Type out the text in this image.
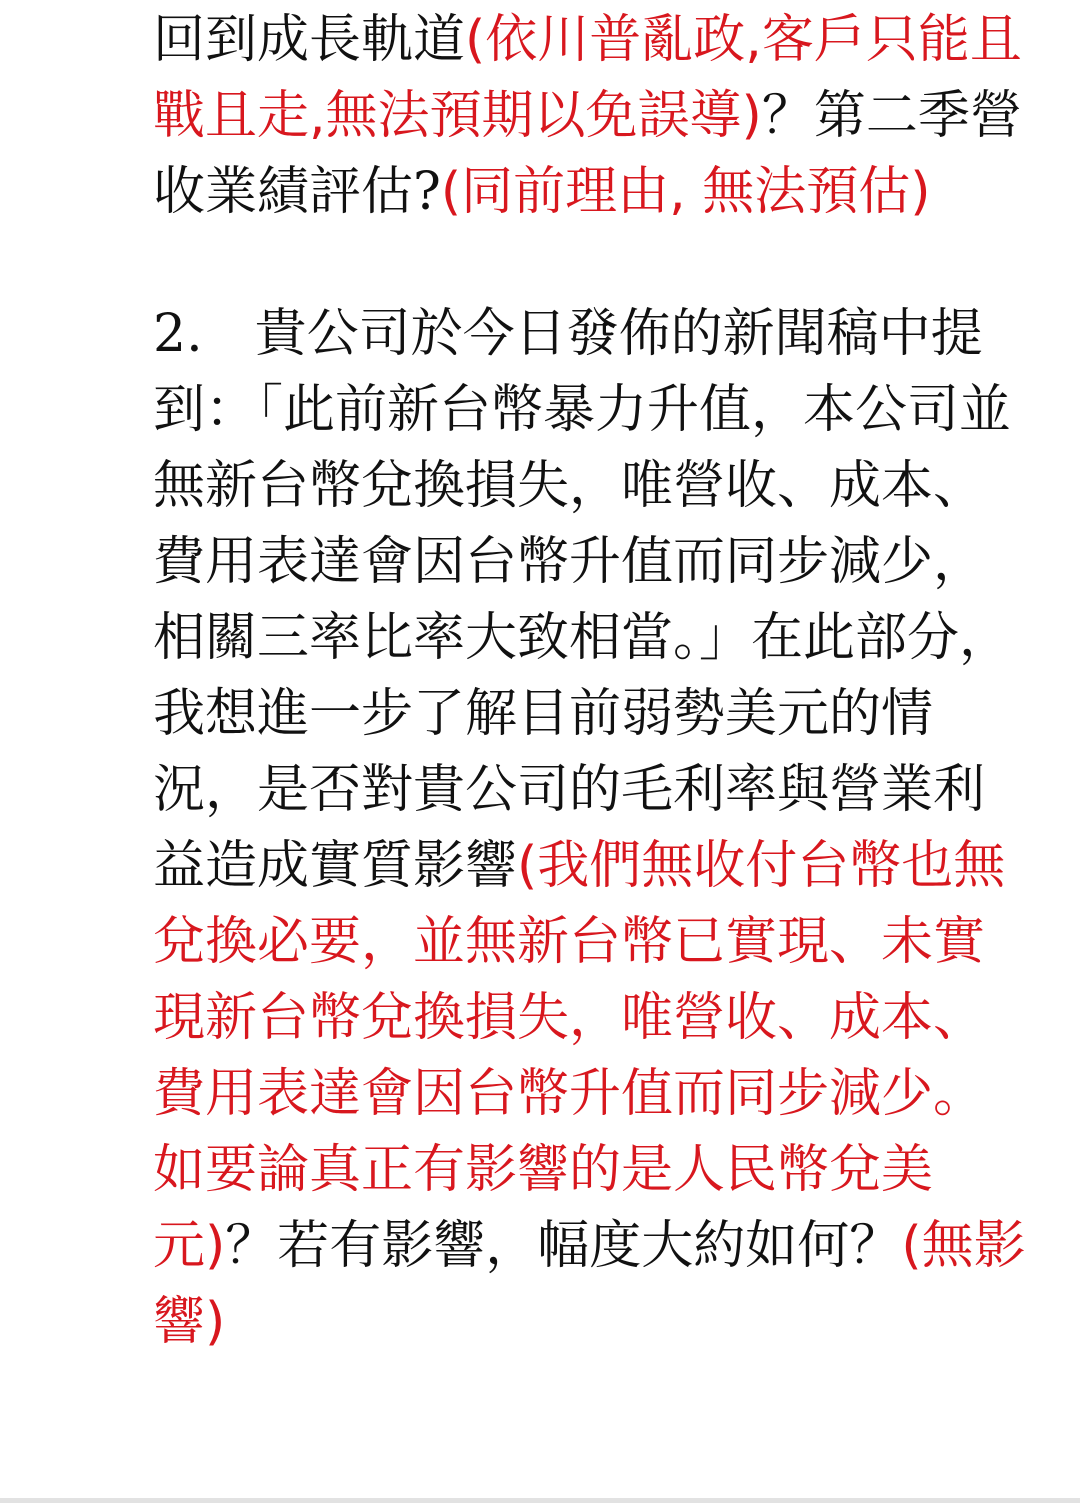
回到成長軌道(依川普亂政,客戶只能且戰且走,無法預期以免誤導)？第二季營收業績評估?(同前理由, 無法預估)

2. 貴公司於今日發佈的新聞稿中提到：「此前新台幣暴力升值，本公司並無新台幣兌換損失，唯營收、成本、費用表達會因台幣升值而同步減少，相關三率比率大致相當。」在此部分，我想進一步了解目前弱勢美元的情況，是否對貴公司的毛利率與營業利益造成實質影響(我們無收付台幣也無兌換必要，並無新台幣已實現、未實現新台幣兌換損失，唯營收、成本、費用表達會因台幣升值而同步減少。如要論真正有影響的是人民幣兌美元)？若有影響，幅度大約如何？(無影響)
